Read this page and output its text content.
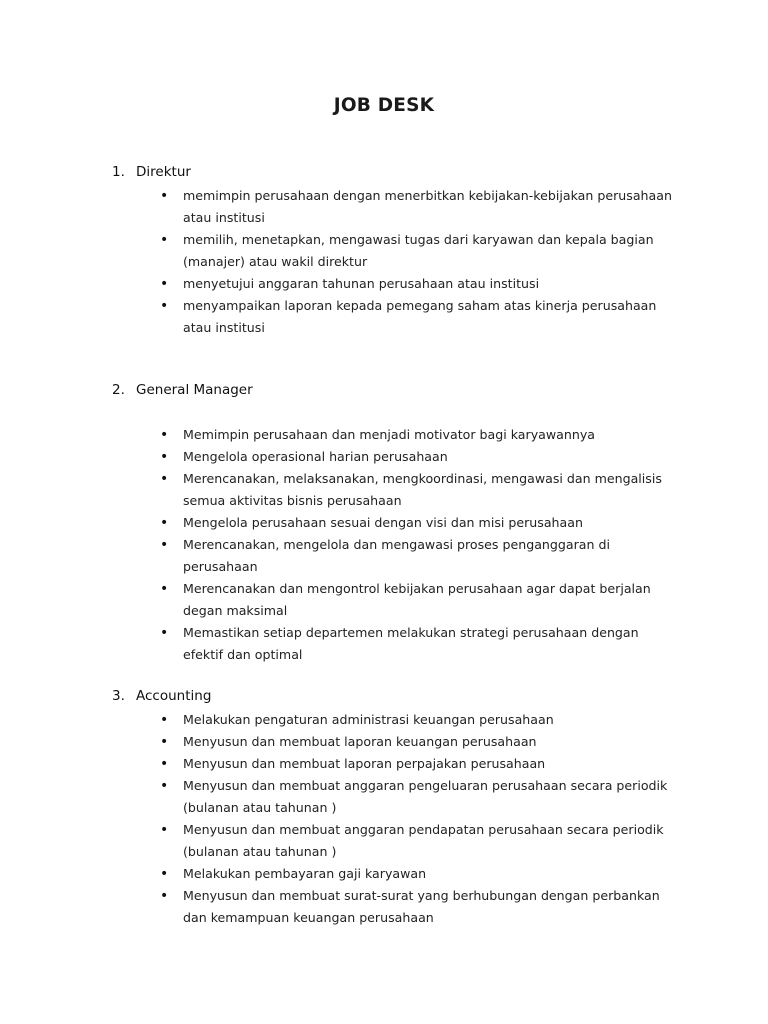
JOB DESK
1. Direktur
• memimpin perusahaan dengan menerbitkan kebijakan-kebijakan perusahaan atau institusi
• memilih, menetapkan, mengawasi tugas dari karyawan dan kepala bagian (manajer) atau wakil direktur
• menyetujui anggaran tahunan perusahaan atau institusi
• menyampaikan laporan kepada pemegang saham atas kinerja perusahaan atau institusi
2. General Manager
• Memimpin perusahaan dan menjadi motivator bagi karyawannya
• Mengelola operasional harian perusahaan
• Merencanakan, melaksanakan, mengkoordinasi, mengawasi dan mengalisis semua aktivitas bisnis perusahaan
• Mengelola perusahaan sesuai dengan visi dan misi perusahaan
• Merencanakan, mengelola dan mengawasi proses penganggaran di perusahaan
• Merencanakan dan mengontrol kebijakan perusahaan agar dapat berjalan degan maksimal
• Memastikan setiap departemen melakukan strategi perusahaan dengan efektif dan optimal
3. Accounting
• Melakukan pengaturan administrasi keuangan perusahaan
• Menyusun dan membuat laporan keuangan perusahaan
• Menyusun dan membuat laporan perpajakan perusahaan
• Menyusun dan membuat anggaran pengeluaran perusahaan secara periodik (bulanan atau tahunan )
• Menyusun dan membuat anggaran pendapatan perusahaan secara periodik (bulanan atau tahunan )
• Melakukan pembayaran gaji karyawan
• Menyusun dan membuat surat-surat yang berhubungan dengan perbankan dan kemampuan keuangan perusahaan
